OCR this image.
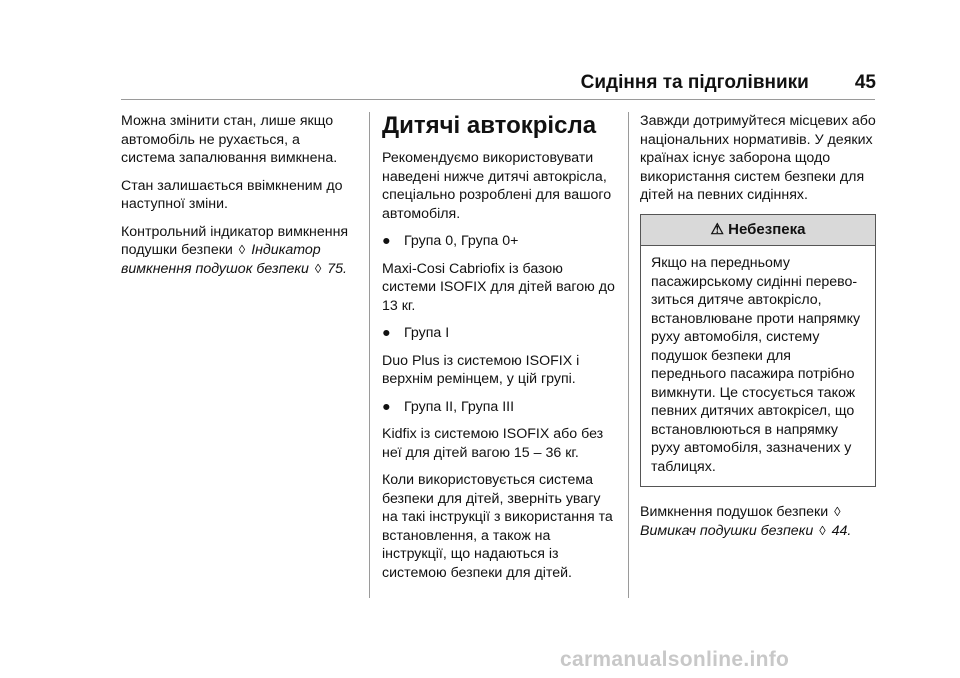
Сидіння та підголівники 45

Можна змінити стан, лише якщо автомобіль не рухається, а система запалювання вимкнена.

Стан залишається ввімкненим до наступної зміни.

Контрольний індикатор вимкнення подушки безпеки ◊ Індикатор вимкнення подушок безпеки ◊ 75.

Дитячі автокрісла

Рекомендуємо використовувати наведені нижче дитячі автокрісла, спеціально розроблені для вашого автомобіля.

● Група 0, Група 0+

Maxi-Cosi Cabriofix із базою системи ISOFIX для дітей вагою до 13 кг.

● Група I

Duo Plus із системою ISOFIX і верхнім ремінцем, у цій групі.

● Група II, Група III

Kidfix із системою ISOFIX або без неї для дітей вагою 15 – 36 кг.

Коли використовується система безпеки для дітей, зверніть увагу на такі інструкції з використання та встановлення, а також на інструкції, що надаються із системою безпеки для дітей.

Завжди дотримуйтеся місцевих або національних нормативів. У деяких країнах існує заборона щодо використання систем безпеки для дітей на певних сидіннях.

⚠ Небезпека
Якщо на передньому пасажирському сидінні перево-зиться дитяче автокрісло, встановлюване проти напрямку руху автомобіля, систему подушок безпеки для переднього пасажира потрібно вимкнути. Це стосується також певних дитячих автокрісел, що встановлюються в напрямку руху автомобіля, зазначених у таблицях.

Вимкнення подушок безпеки ◊
Вимикач подушки безпеки ◊ 44.

carmanualsonline.info
